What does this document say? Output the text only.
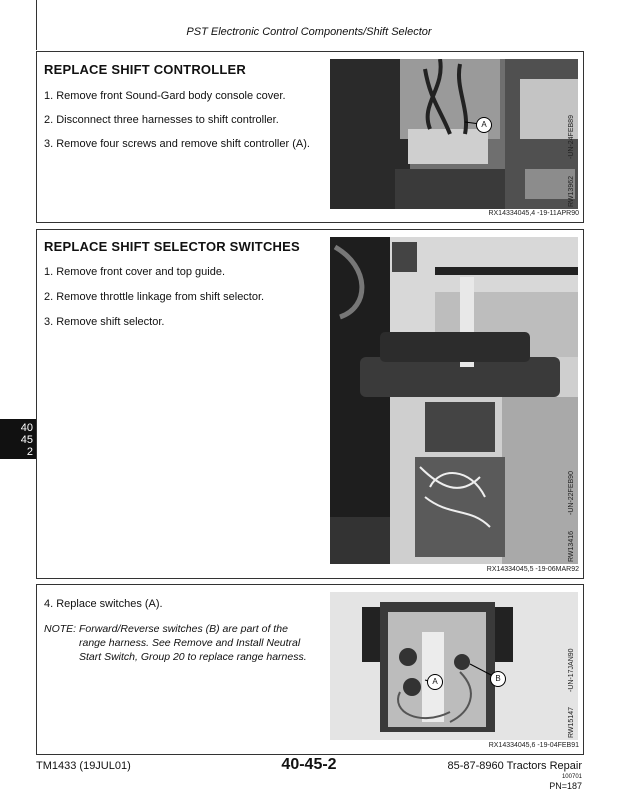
PST Electronic Control Components/Shift Selector
REPLACE SHIFT CONTROLLER
1. Remove front Sound-Gard body console cover.
2. Disconnect three harnesses to shift controller.
3. Remove four screws and remove shift controller (A).
A
RW13962
-UN-24FEB89
RX14334045,4 -19-11APR90
REPLACE SHIFT SELECTOR SWITCHES
1. Remove front cover and top guide.
2. Remove throttle linkage from shift selector.
3. Remove shift selector.
RW13416
-UN-22FEB90
RX14334045,5 -19-06MAR92
40
45
2
4. Replace switches (A).
NOTE: Forward/Reverse switches (B) are part of the
range harness. See Remove and Install Neutral
Start Switch, Group 20 to replace range harness.
A	B
RW15147
-UN-17JAN90
RX14334045,6 -19-04FEB91
TM1433 (19JUL01)	40-45-2	85-87-8960 Tractors Repair
100701
PN=187
